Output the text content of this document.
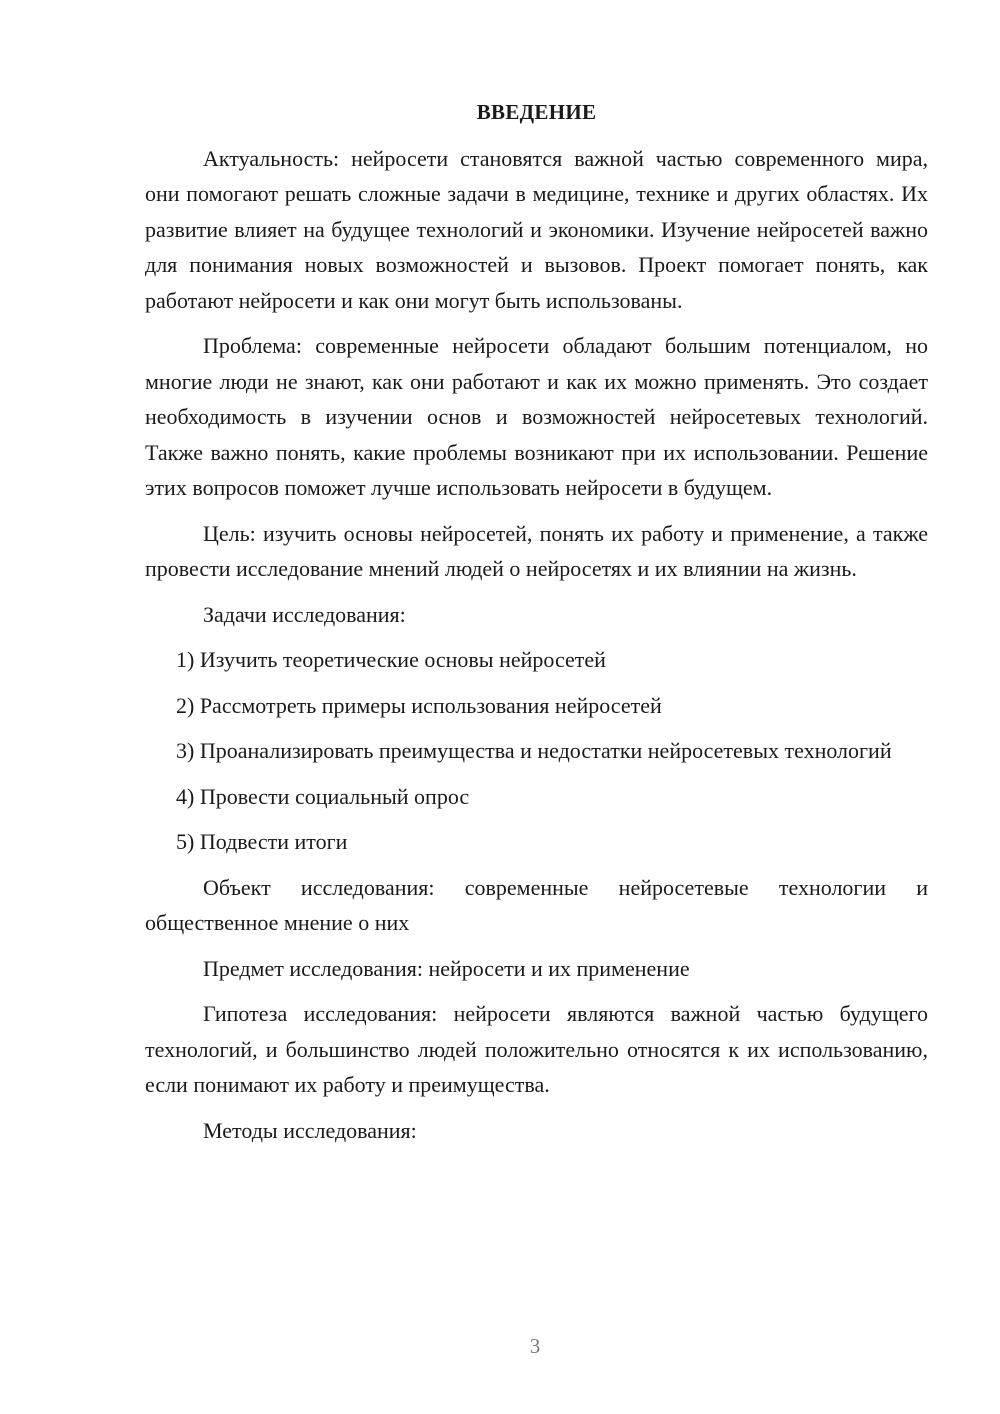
ВВЕДЕНИЕ
Актуальность: нейросети становятся важной частью современного мира, они помогают решать сложные задачи в медицине, технике и других областях. Их развитие влияет на будущее технологий и экономики. Изучение нейросетей важно для понимания новых возможностей и вызовов. Проект помогает понять, как работают нейросети и как они могут быть использованы.
Проблема: современные нейросети обладают большим потенциалом, но многие люди не знают, как они работают и как их можно применять. Это создает необходимость в изучении основ и возможностей нейросетевых технологий. Также важно понять, какие проблемы возникают при их использовании. Решение этих вопросов поможет лучше использовать нейросети в будущем.
Цель: изучить основы нейросетей, понять их работу и применение, а также провести исследование мнений людей о нейросетях и их влиянии на жизнь.
Задачи исследования:
1) Изучить теоретические основы нейросетей
2) Рассмотреть примеры использования нейросетей
3) Проанализировать преимущества и недостатки нейросетевых технологий
4) Провести социальный опрос
5) Подвести итоги
Объект исследования: современные нейросетевые технологии и общественное мнение о них
Предмет исследования: нейросети и их применение
Гипотеза исследования: нейросети являются важной частью будущего технологий, и большинство людей положительно относятся к их использованию, если понимают их работу и преимущества.
Методы исследования:
3
